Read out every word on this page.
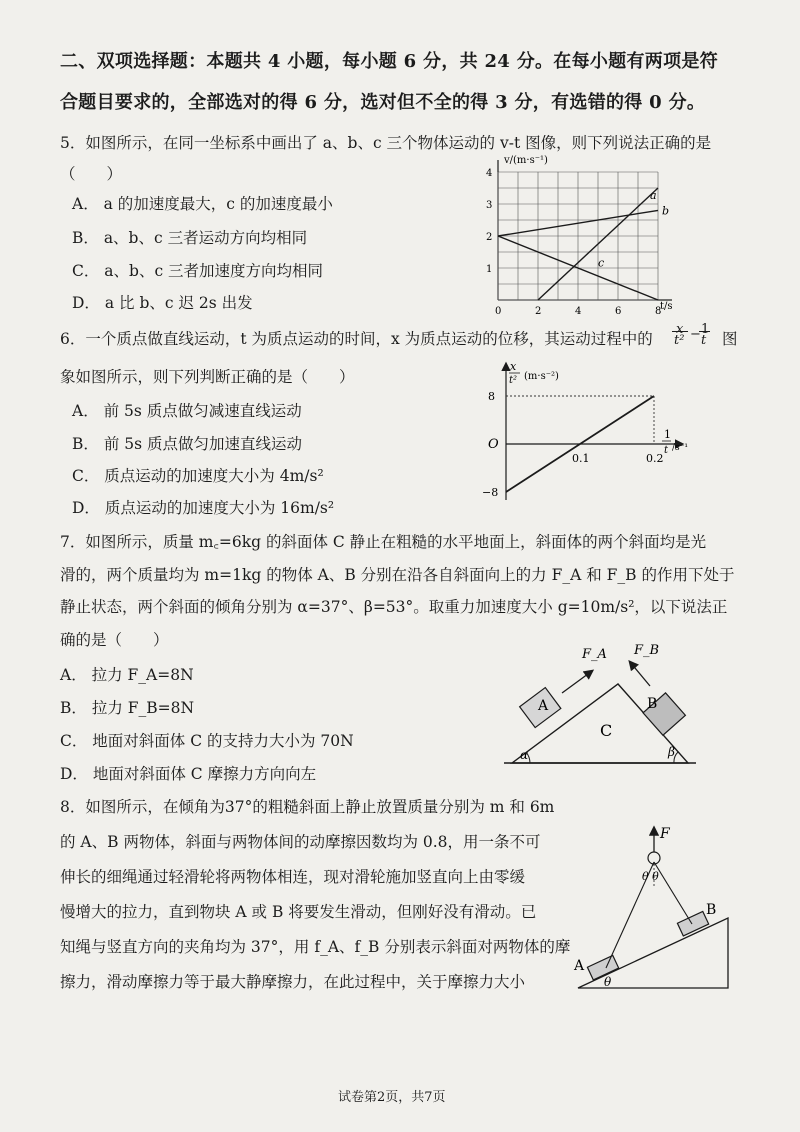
二、双项选择题：本题共 4 小题，每小题 6 分，共 24 分。在每小题有两项是符
合题目要求的，全部选对的得 6 分，选对但不全的得 3 分，有选错的得 0 分。
5．如图所示，在同一坐标系中画出了 a、b、c 三个物体运动的 v-t 图像，则下列说法正确的是
（　　）
A． a 的加速度最大，c 的加速度最小
B． a、b、c 三者运动方向均相同
C． a、b、c 三者加速度方向均相同
D． a 比 b、c 迟 2s 出发
v/(m·s⁻¹)
t/s
0	2	4	6	8
1
2
3
4
a
b
c
6．一个质点做直线运动，t 为质点运动的时间，x 为质点运动的位移，其运动过程中的
x
t² − 1
t 图
象如图所示，则下列判断正确的是（　　）
A． 前 5s 质点做匀减速直线运动
B． 前 5s 质点做匀加速直线运动
C． 质点运动的加速度大小为 4m/s²
D． 质点运动的加速度大小为 16m/s²
x
t² (m·s⁻²)
1
t /s⁻¹
O
8
−8
0.1	0.2
7．如图所示，质量 m꜀=6kg 的斜面体 C 静止在粗糙的水平地面上，斜面体的两个斜面均是光
滑的，两个质量均为 m=1kg 的物体 A、B 分别在沿各自斜面向上的力 F_A 和 F_B 的作用下处于
静止状态，两个斜面的倾角分别为 α=37°、β=53°。取重力加速度大小 g=10m/s²，以下说法正
确的是（　　）
A． 拉力 F_A=8N
B． 拉力 F_B=8N
C． 地面对斜面体 C 的支持力大小为 70N
D． 地面对斜面体 C 摩擦力方向向左
A	B
C
F_A F_B
α	β
8．如图所示，在倾角为37°的粗糙斜面上静止放置质量分别为 m 和 6m
的 A、B 两物体，斜面与两物体间的动摩擦因数均为 0.8，用一条不可
伸长的细绳通过轻滑轮将两物体相连，现对滑轮施加竖直向上由零缓
慢增大的拉力，直到物块 A 或 B 将要发生滑动，但刚好没有滑动。已
知绳与竖直方向的夹角均为 37°，用 f_A、f_B 分别表示斜面对两物体的摩
擦力，滑动摩擦力等于最大静摩擦力，在此过程中，关于摩擦力大小
A
B
F
θ θ
θ
试卷第2页，共7页
